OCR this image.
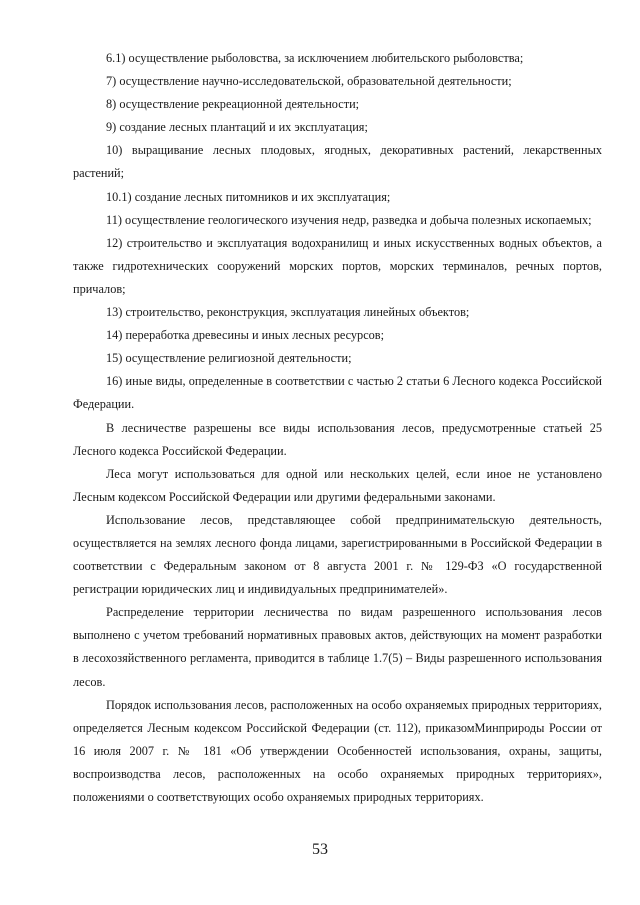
6.1) осуществление рыболовства, за исключением любительского рыболовства;

7) осуществление научно-исследовательской, образовательной деятельности;

8) осуществление рекреационной деятельности;

9) создание лесных плантаций и их эксплуатация;

10) выращивание лесных плодовых, ягодных, декоративных растений, лекарственных растений;

10.1) создание лесных питомников и их эксплуатация;

11) осуществление геологического изучения недр, разведка и добыча полезных ископаемых;

12) строительство и эксплуатация водохранилищ и иных искусственных водных объектов, а также гидротехнических сооружений морских портов, морских терминалов, речных портов, причалов;

13) строительство, реконструкция, эксплуатация линейных объектов;

14) переработка древесины и иных лесных ресурсов;

15) осуществление религиозной деятельности;

16) иные виды, определенные в соответствии с частью 2 статьи 6 Лесного кодекса Российской Федерации.

В лесничестве разрешены все виды использования лесов, предусмотренные статьей 25 Лесного кодекса Российской Федерации.

Леса могут использоваться для одной или нескольких целей, если иное не установлено Лесным кодексом Российской Федерации или другими федеральными законами.

Использование лесов, представляющее собой предпринимательскую деятельность, осуществляется на землях лесного фонда лицами, зарегистрированными в Российской Федерации в соответствии с Федеральным законом от 8 августа 2001 г. № 129-ФЗ «О государственной регистрации юридических лиц и индивидуальных предпринимателей».

Распределение территории лесничества по видам разрешенного использования лесов выполнено с учетом требований нормативных правовых актов, действующих на момент разработки в лесохозяйственного регламента, приводится в таблице 1.7(5) – Виды разрешенного использования лесов.

Порядок использования лесов, расположенных на особо охраняемых природных территориях, определяется Лесным кодексом Российской Федерации (ст. 112), приказомМинприроды России от 16 июля 2007 г. № 181 «Об утверждении Особенностей использования, охраны, защиты, воспроизводства лесов, расположенных на особо охраняемых природных территориях», положениями о соответствующих особо охраняемых природных территориях.

53
